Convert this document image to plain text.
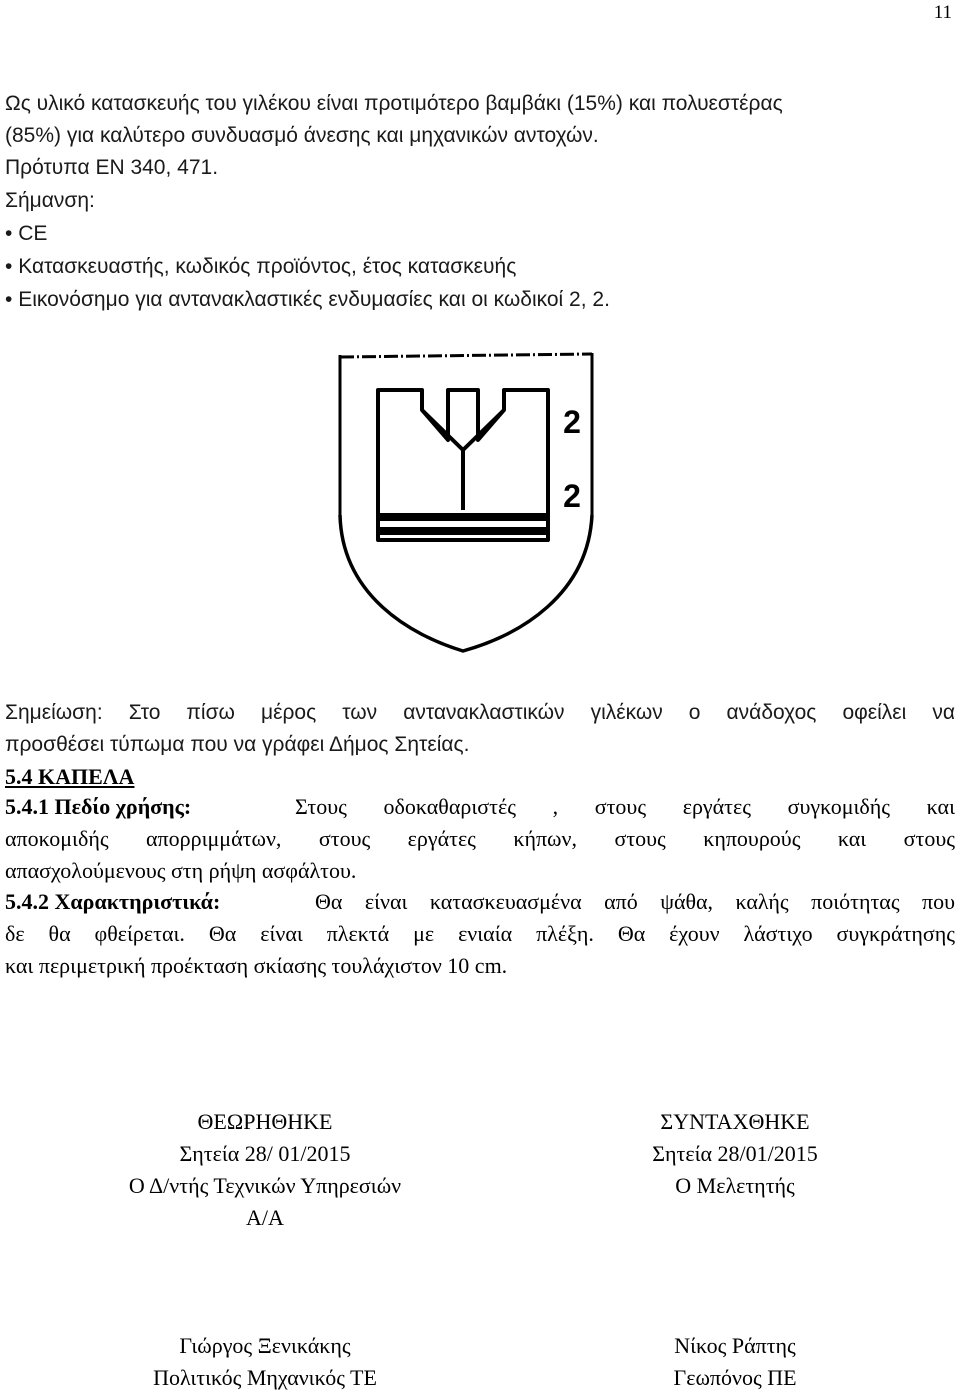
11
Ως υλικό κατασκευής του γιλέκου είναι προτιμότερο βαμβάκι (15%) και πολυεστέρας
(85%) για καλύτερο συνδυασμό άνεσης και μηχανικών αντοχών.
Πρότυπα EN 340, 471.
Σήμανση:
• CE
• Κατασκευαστής, κωδικός προϊόντος, έτος κατασκευής
• Εικονόσημο για αντανακλαστικές ενδυμασίες και οι κωδικοί 2, 2.
2
2
Σημείωση: Στο πίσω μέρος των αντανακλαστικών γιλέκων ο ανάδοχος οφείλει να
προσθέσει τύπωμα που να γράφει Δήμος Σητείας.
5.4 ΚΑΠΕΛΑ
5.4.1 Πεδίο χρήσης:	Στους οδοκαθαριστές , στους εργάτες συγκομιδής και
αποκομιδής απορριμμάτων, στους εργάτες κήπων, στους κηπουρούς και στους
απασχολούμενους στη ρήψη ασφάλτου.
5.4.2 Χαρακτηριστικά:	Θα είναι κατασκευασμένα από ψάθα, καλής ποιότητας που
δε θα φθείρεται. Θα είναι πλεκτά με ενιαία πλέξη. Θα έχουν λάστιχο συγκράτησης
και περιμετρική προέκταση σκίασης τουλάχιστον 10 cm.
ΘΕΩΡΗΘΗΚΕ
Σητεία 28/ 01/2015
Ο Δ/ντής Τεχνικών Υπηρεσιών
Α/Α
Γιώργος Ξενικάκης
Πολιτικός Μηχανικός ΤΕ
ΣΥΝΤΑΧΘΗΚΕ
Σητεία 28/01/2015
Ο Μελετητής
Νίκος Ράπτης
Γεωπόνος ΠΕ
